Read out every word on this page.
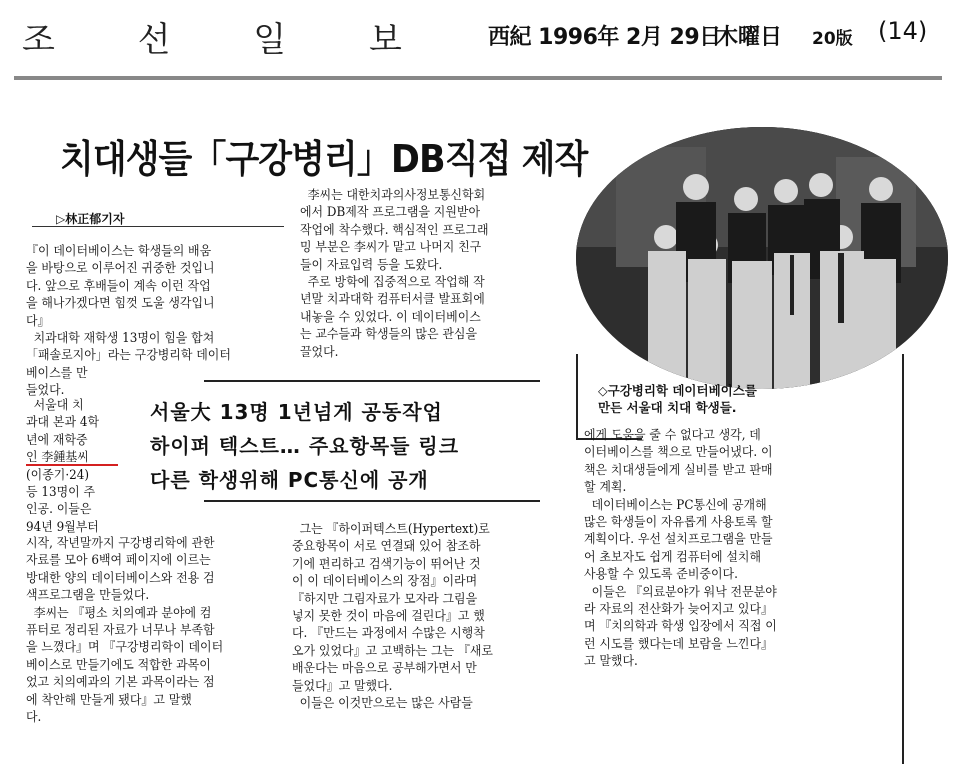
조 선 일 보 西紀 1996年 2月 29日
木曜日 20版 (14)
치대생들「구강병리」DB직접 제작
▷林正郁기자
『이 데이터베이스는 학생들의 배움
을 바탕으로 이루어진 귀중한 것입니
다. 앞으로 후배들이 계속 이런 작업
을 해나가겠다면 힘껏 도울 생각입니
다』
치과대학 재학생 13명이 힘을 합쳐
「패솔로지아」라는 구강병리학 데이터
베이스를 만
들었다.
서울대 치
과대 본과 4학
년에 재학중
인 李鍾基씨
(이종기·24)
등 13명이 주
인공. 이들은
94년 9월부터
시작, 작년말까지 구강병리학에 관한
자료를 모아 6백여 페이지에 이르는
방대한 양의 데이터베이스와 전용 검
색프로그램을 만들었다.
李씨는 『평소 치의예과 분야에 컴
퓨터로 정리된 자료가 너무나 부족함
을 느꼈다』며 『구강병리학이 데이터
베이스로 만들기에도 적합한 과목이
었고 치의예과의 기본 과목이라는 점
에 착안해 만들게 됐다』고 말했
다.
李씨는 대한치과의사정보통신학회
에서 DB제작 프로그램을 지원받아
작업에 착수했다. 핵심적인 프로그래
밍 부분은 李씨가 맡고 나머지 친구
들이 자료입력 등을 도왔다.
주로 방학에 집중적으로 작업해 작
년말 치과대학 컴퓨터서클 발표회에
내놓을 수 있었다. 이 데이터베이스
는 교수들과 학생들의 많은 관심을
끌었다.
서울大 13명 1년넘게 공동작업
하이퍼 텍스트… 주요항목들 링크
다른 학생위해 PC통신에 공개
그는 『하이퍼텍스트(Hypertext)로
중요항목이 서로 연결돼 있어 참조하
기에 편리하고 검색기능이 뛰어난 것
이 이 데이터베이스의 장점』이라며
『하지만 그림자료가 모자라 그림을
넣지 못한 것이 마음에 걸린다』고 했
다. 『만드는 과정에서 수많은 시행착
오가 있었다』고 고백하는 그는 『새로
배운다는 마음으로 공부해가면서 만
들었다』고 말했다.
이들은 이것만으로는 많은 사람들
◇구강병리학 데이터베이스를
만든 서울대 치대 학생들.
에게 도움을 줄 수 없다고 생각, 데
이터베이스를 책으로 만들어냈다. 이
책은 치대생들에게 실비를 받고 판매
할 계획.
데이터베이스는 PC통신에 공개해
많은 학생들이 자유롭게 사용토록 할
계획이다. 우선 설치프로그램을 만들
어 초보자도 쉽게 컴퓨터에 설치해
사용할 수 있도록 준비중이다.
이들은 『의료분야가 워낙 전문분야
라 자료의 전산화가 늦어지고 있다』
며 『치의학과 학생 입장에서 직접 이
런 시도를 했다는데 보람을 느낀다』
고 말했다.
